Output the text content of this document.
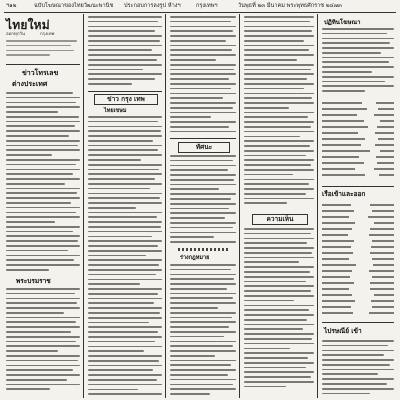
ฯ๑๒	ฉบับโฆษณาของไทยวัฒนะพานิช ประกอบการลงรูป ห้างฯ	กรุงเทพฯ	วันพุธที่ ๒๓ มีนาคม พระพุทธศักราช ๒๔๗๓
ไทยใหม่
ออกทุกวัน	กรุงเทพ
ข่าวโทรเลข
ต่างประเทศ
พระบรมราช
ข่าว กรุง เทพ
ไทยเขษม
ทัศนะ
ร่างกฎหมาย
ความเห็น
ปฏิทินโฆษณา
เรือเข้าและออก
ไปรษณีย์ เข้า
